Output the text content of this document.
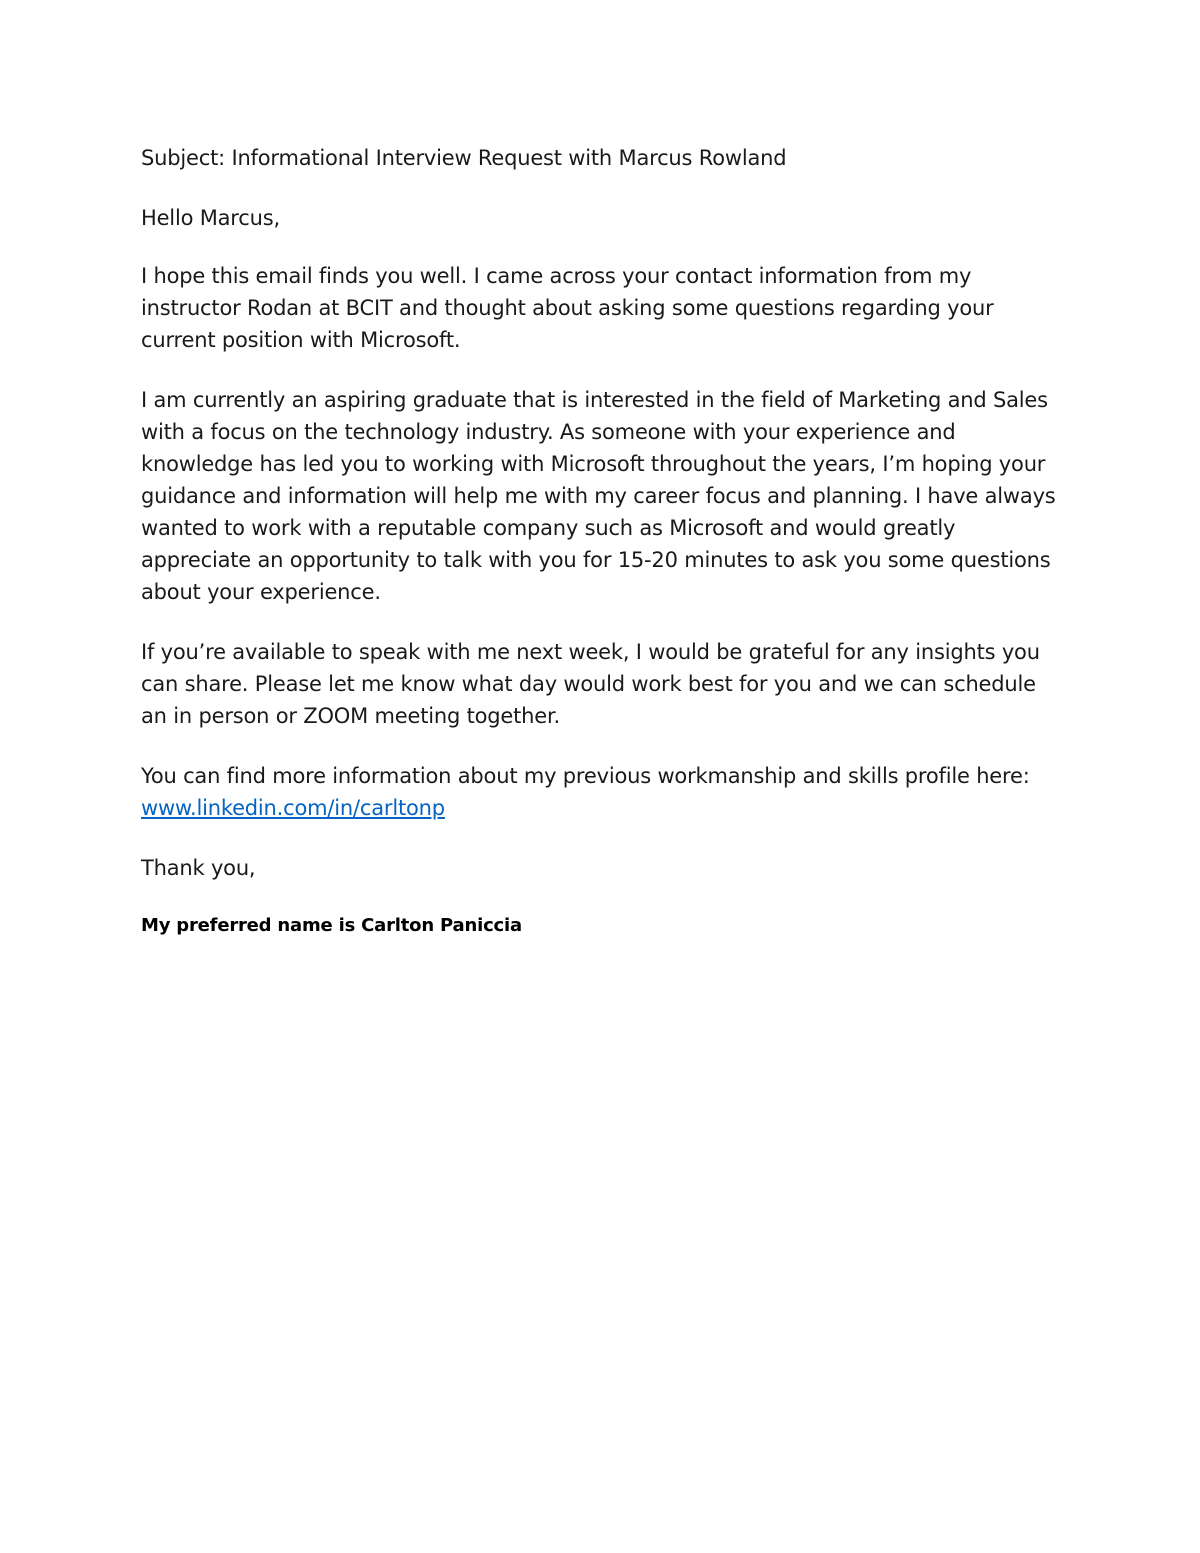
Subject: Informational Interview Request with Marcus Rowland

Hello Marcus,

I hope this email finds you well. I came across your contact information from my instructor Rodan at BCIT and thought about asking some questions regarding your current position with Microsoft.

I am currently an aspiring graduate that is interested in the field of Marketing and Sales with a focus on the technology industry. As someone with your experience and knowledge has led you to working with Microsoft throughout the years, I’m hoping your guidance and information will help me with my career focus and planning. I have always wanted to work with a reputable company such as Microsoft and would greatly appreciate an opportunity to talk with you for 15-20 minutes to ask you some questions about your experience.

If you’re available to speak with me next week, I would be grateful for any insights you can share. Please let me know what day would work best for you and we can schedule an in person or ZOOM meeting together.

You can find more information about my previous workmanship and skills profile here: www.linkedin.com/in/carltonp

Thank you,

My preferred name is Carlton Paniccia
